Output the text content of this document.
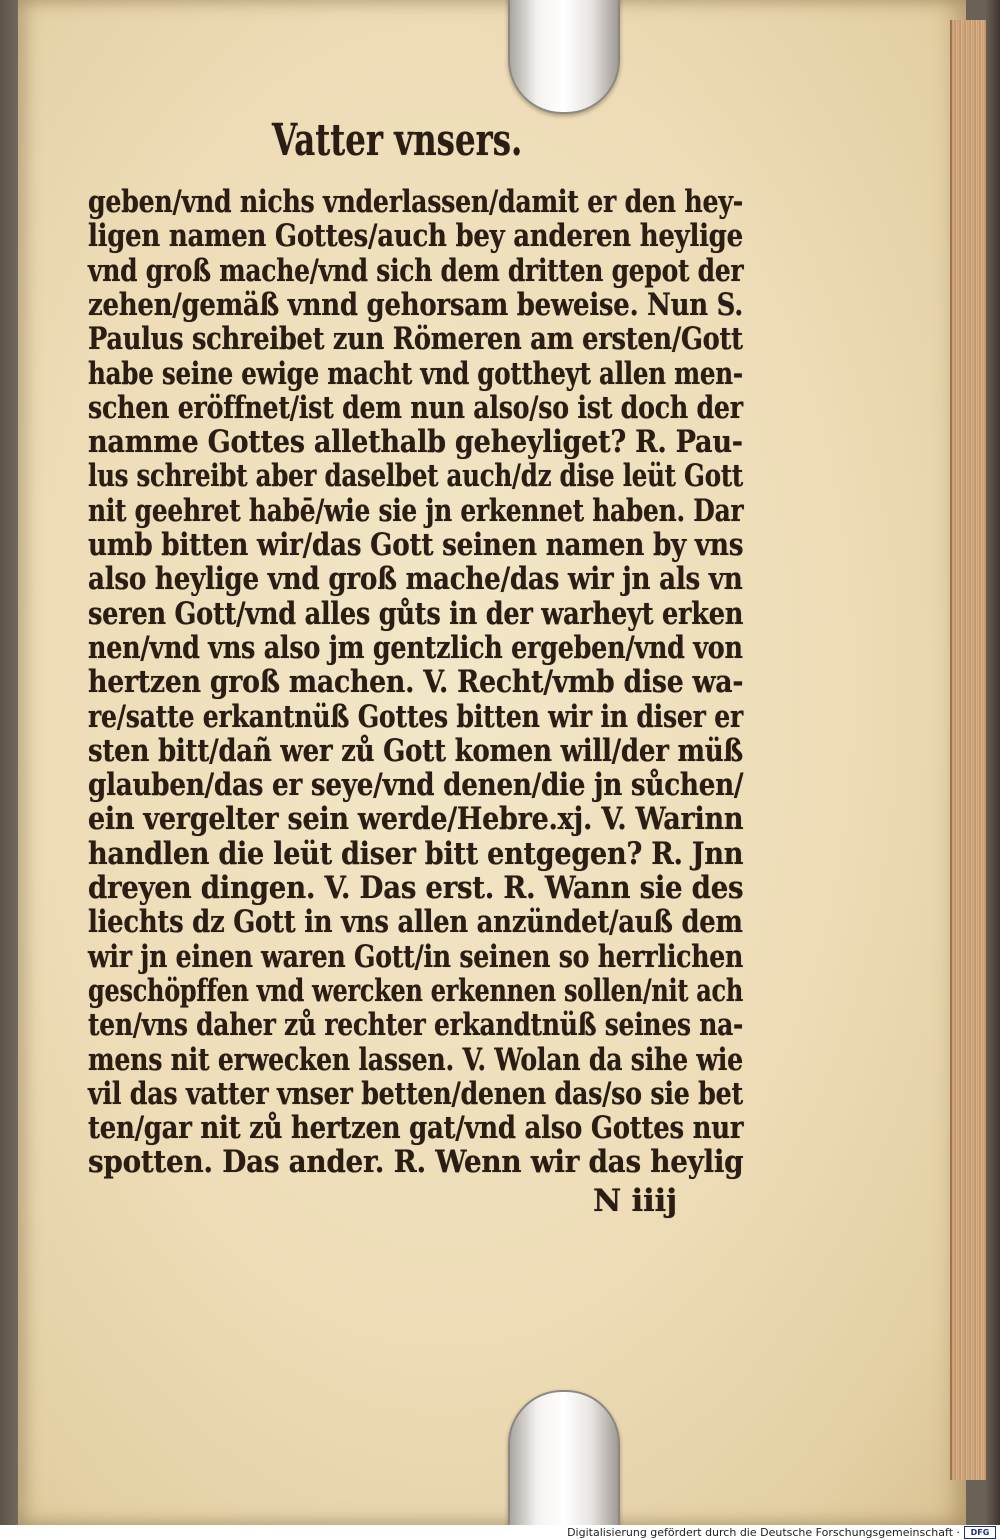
Vatter vnsers.
geben/vnd nichs vnderlassen/damit er den hey‑
ligen namen Gottes/auch bey anderen heylige
vnd groß mache/vnd sich dem dritten gepot der
zehen/gemäß vnnd gehorsam beweise. Nun S.
Paulus schreibet zun Römeren am ersten/Gott
habe seine ewige macht vnd gottheyt allen men‑
schen eröffnet/ist dem nun also/so ist doch der
namme Gottes allethalb geheyliget? R. Pau‑
lus schreibt aber daselbet auch/dz dise leüt Gott
nit geehret habē/wie sie jn erkennet haben. Dar
umb bitten wir/das Gott seinen namen by vns
also heylige vnd groß mache/das wir jn als vn
seren Gott/vnd alles gůts in der warheyt erken
nen/vnd vns also jm gentzlich ergeben/vnd von
hertzen groß machen. V. Recht/vmb dise wa‑
re/satte erkantnüß Gottes bitten wir in diser er
sten bitt/dañ wer zů Gott komen will/der müß
glauben/das er seye/vnd denen/die jn sůchen/
ein vergelter sein werde/Hebre.xj. V. Warinn
handlen die leüt diser bitt entgegen? R. Jnn
dreyen dingen. V. Das erst. R. Wann sie des
liechts dz Gott in vns allen anzündet/auß dem
wir jn einen waren Gott/in seinen so herrlichen
geschöpffen vnd wercken erkennen sollen/nit ach
ten/vns daher zů rechter erkandtnüß seines na‑
mens nit erwecken lassen. V. Wolan da sihe wie
vil das vatter vnser betten/denen das/so sie bet
ten/gar nit zů hertzen gat/vnd also Gottes nur
spotten. Das ander. R. Wenn wir das heylig
N iiij
Digitalisierung gefördert durch die Deutsche Forschungsgemeinschaft ·	DFG
